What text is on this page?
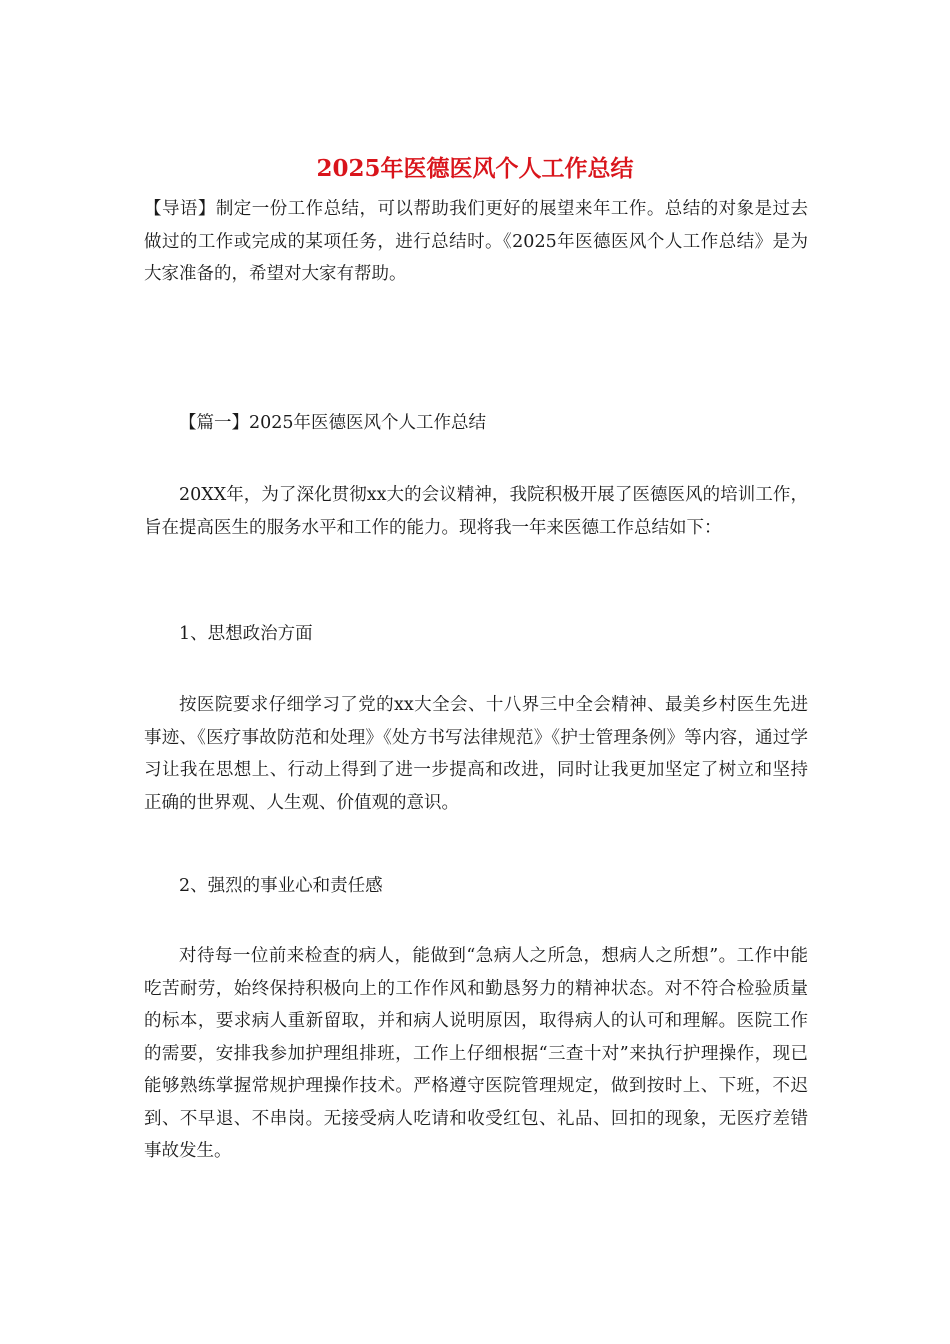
2025年医德医风个人工作总结

【导语】制定一份工作总结，可以帮助我们更好的展望来年工作。总结的对象是过去做过的工作或完成的某项任务，进行总结时。《2025年医德医风个人工作总结》是为大家准备的，希望对大家有帮助。

【篇一】2025年医德医风个人工作总结

20XX年，为了深化贯彻xx大的会议精神，我院积极开展了医德医风的培训工作，旨在提高医生的服务水平和工作的能力。现将我一年来医德工作总结如下：

1、思想政治方面

按医院要求仔细学习了党的xx大全会、十八界三中全会精神、最美乡村医生先进事迹、《医疗事故防范和处理》《处方书写法律规范》《护士管理条例》等内容，通过学习让我在思想上、行动上得到了进一步提高和改进，同时让我更加坚定了树立和坚持正确的世界观、人生观、价值观的意识。

2、强烈的事业心和责任感

对待每一位前来检查的病人，能做到“急病人之所急，想病人之所想”。工作中能吃苦耐劳，始终保持积极向上的工作作风和勤恳努力的精神状态。对不符合检验质量的标本，要求病人重新留取，并和病人说明原因，取得病人的认可和理解。医院工作的需要，安排我参加护理组排班，工作上仔细根据“三查十对”来执行护理操作，现已能够熟练掌握常规护理操作技术。严格遵守医院管理规定，做到按时上、下班，不迟到、不早退、不串岗。无接受病人吃请和收受红包、礼品、回扣的现象，无医疗差错事故发生。
